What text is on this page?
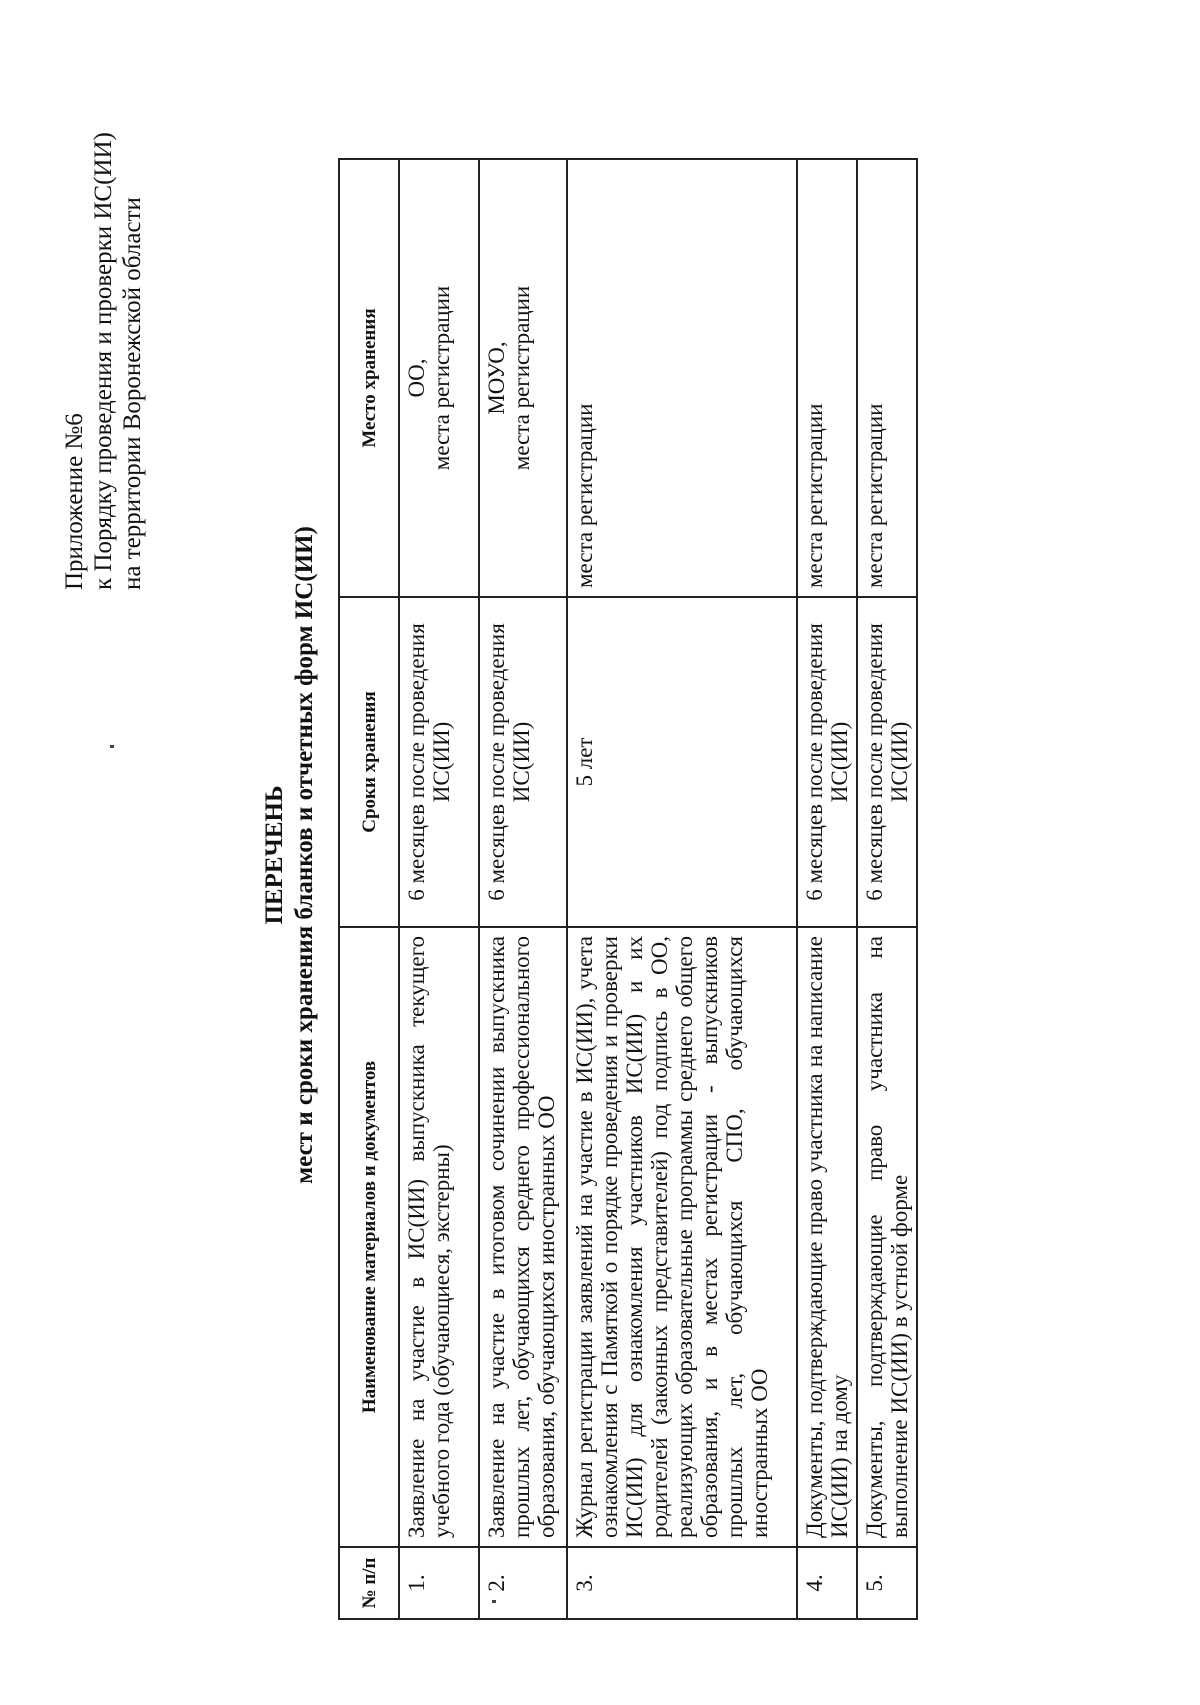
Приложение №6 к Порядку проведения и проверки ИС(ИИ) на территории Воронежской области
ПЕРЕЧЕНЬ мест и сроки хранения бланков и отчетных форм ИС(ИИ)
№ п/п	Наименование материалов и документов	Сроки хранения	Место хранения
1.	Заявление на участие в ИС(ИИ) выпускника текущего учебного года (обучающиеся, экстерны)	6 месяцев после проведения ИС(ИИ)	ОО, места регистрации

2.	Заявление на участие в итоговом сочинении выпускника прошлых лет, обучающихся среднего профессионального образования, обучающихся иностранных ОО	6 месяцев после проведения ИС(ИИ)	МОУО, места регистрации

3.	Журнал регистрации заявлений на участие в ИС(ИИ), учета ознакомления с Памяткой о порядке проведения и проверки ИС(ИИ) для ознакомления участников ИС(ИИ) и их родителей (законных представителей) под подпись в ОО, реализующих образовательные программы среднего общего образования, и в местах регистрации - выпускников прошлых лет, обучающихся СПО, обучающихся иностранных ОО	5 лет	места регистрации

4.	Документы, подтверждающие право участника на написание ИС(ИИ) на дому	6 месяцев после проведения ИС(ИИ)	места регистрации

5.	Документы, подтверждающие право участника на выполнение ИС(ИИ) в устной форме	6 месяцев после проведения ИС(ИИ)	места регистрации
